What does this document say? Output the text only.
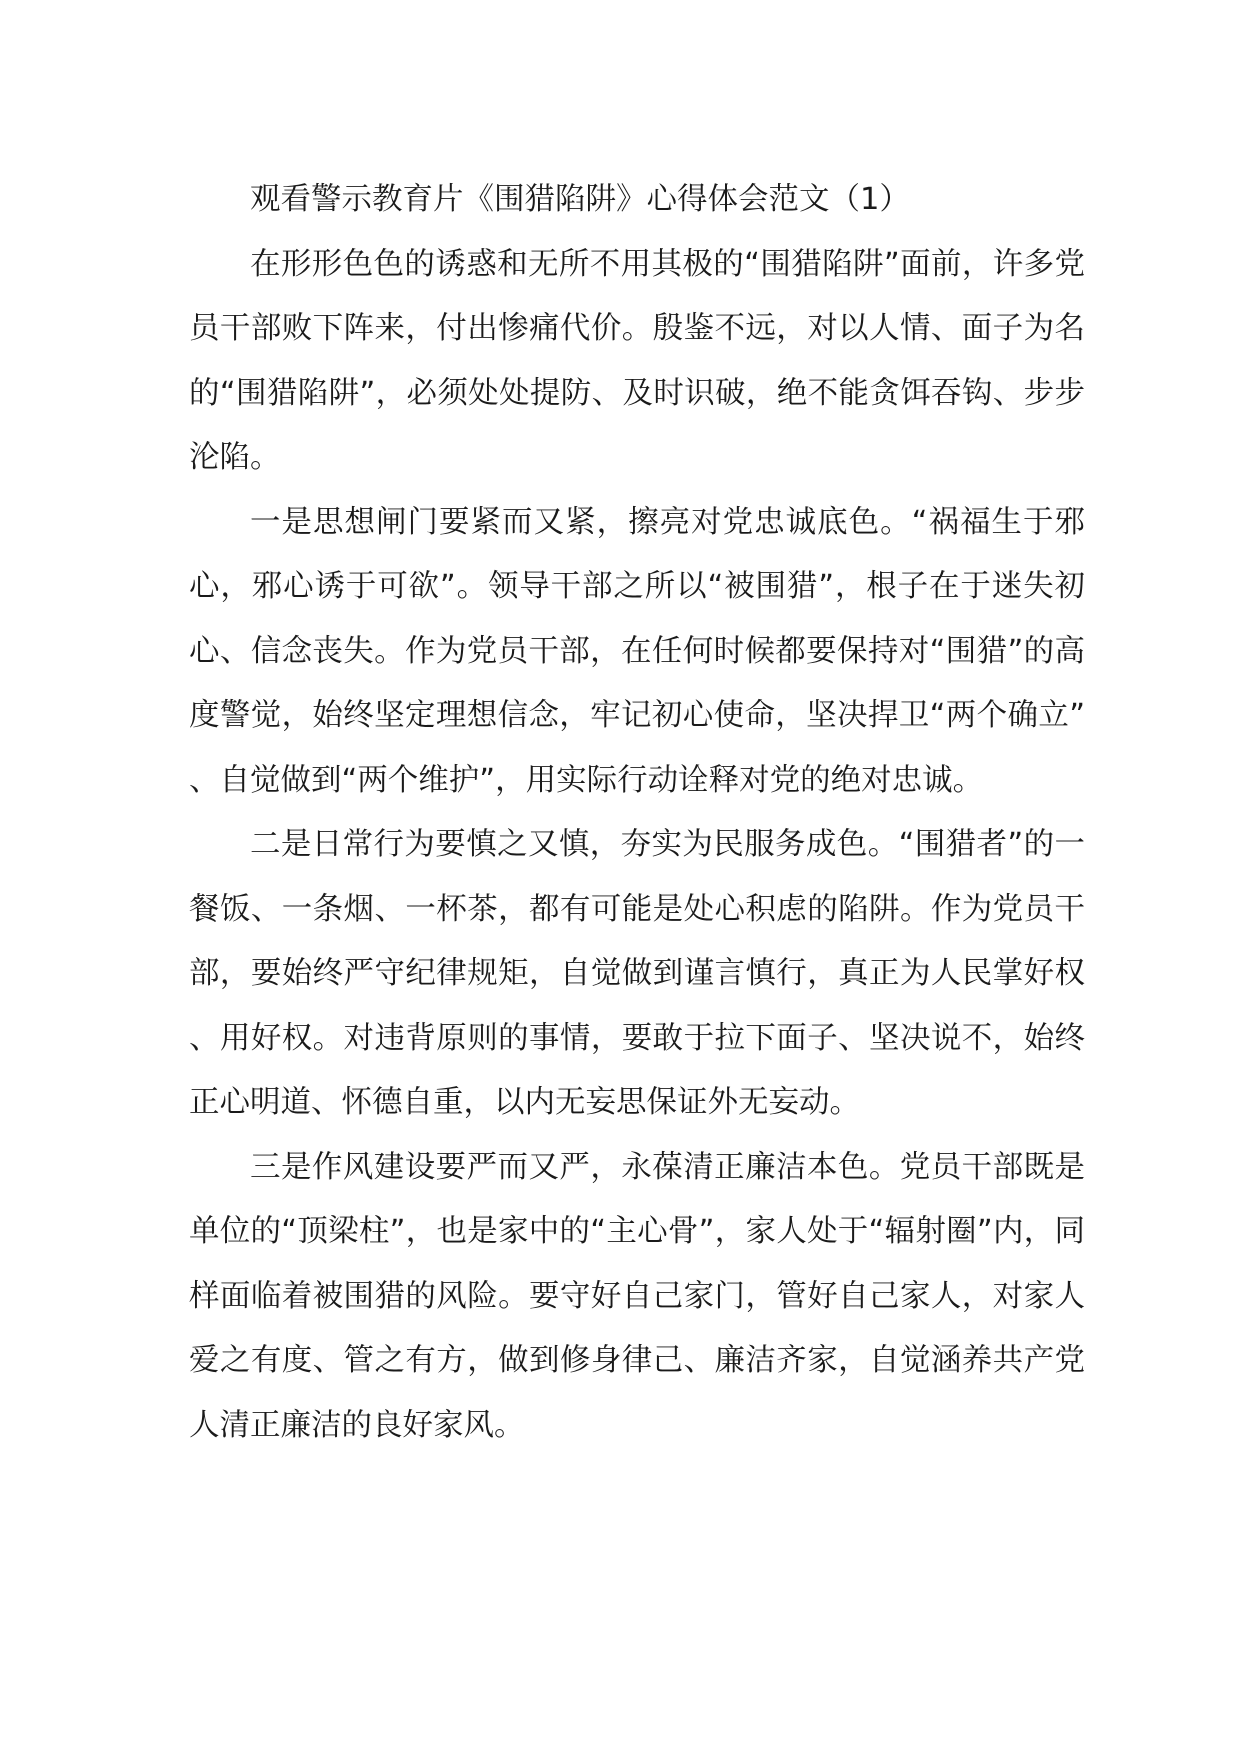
观看警示教育片《围猎陷阱》心得体会范文（1）

在形形色色的诱惑和无所不用其极的“围猎陷阱”面前，许多党员干部败下阵来，付出惨痛代价。殷鉴不远，对以人情、面子为名的“围猎陷阱”，必须处处提防、及时识破，绝不能贪饵吞钩、步步沦陷。

一是思想闸门要紧而又紧，擦亮对党忠诚底色。“祸福生于邪心，邪心诱于可欲”。领导干部之所以“被围猎”，根子在于迷失初心、信念丧失。作为党员干部，在任何时候都要保持对“围猎”的高度警觉，始终坚定理想信念，牢记初心使命，坚决捍卫“两个确立”、自觉做到“两个维护”，用实际行动诠释对党的绝对忠诚。

二是日常行为要慎之又慎，夯实为民服务成色。“围猎者”的一餐饭、一条烟、一杯茶，都有可能是处心积虑的陷阱。作为党员干部，要始终严守纪律规矩，自觉做到谨言慎行，真正为人民掌好权、用好权。对违背原则的事情，要敢于拉下面子、坚决说不，始终正心明道、怀德自重，以内无妄思保证外无妄动。

三是作风建设要严而又严，永葆清正廉洁本色。党员干部既是单位的“顶梁柱”，也是家中的“主心骨”，家人处于“辐射圈”内，同样面临着被围猎的风险。要守好自己家门，管好自己家人，对家人爱之有度、管之有方，做到修身律己、廉洁齐家，自觉涵养共产党人清正廉洁的良好家风。
